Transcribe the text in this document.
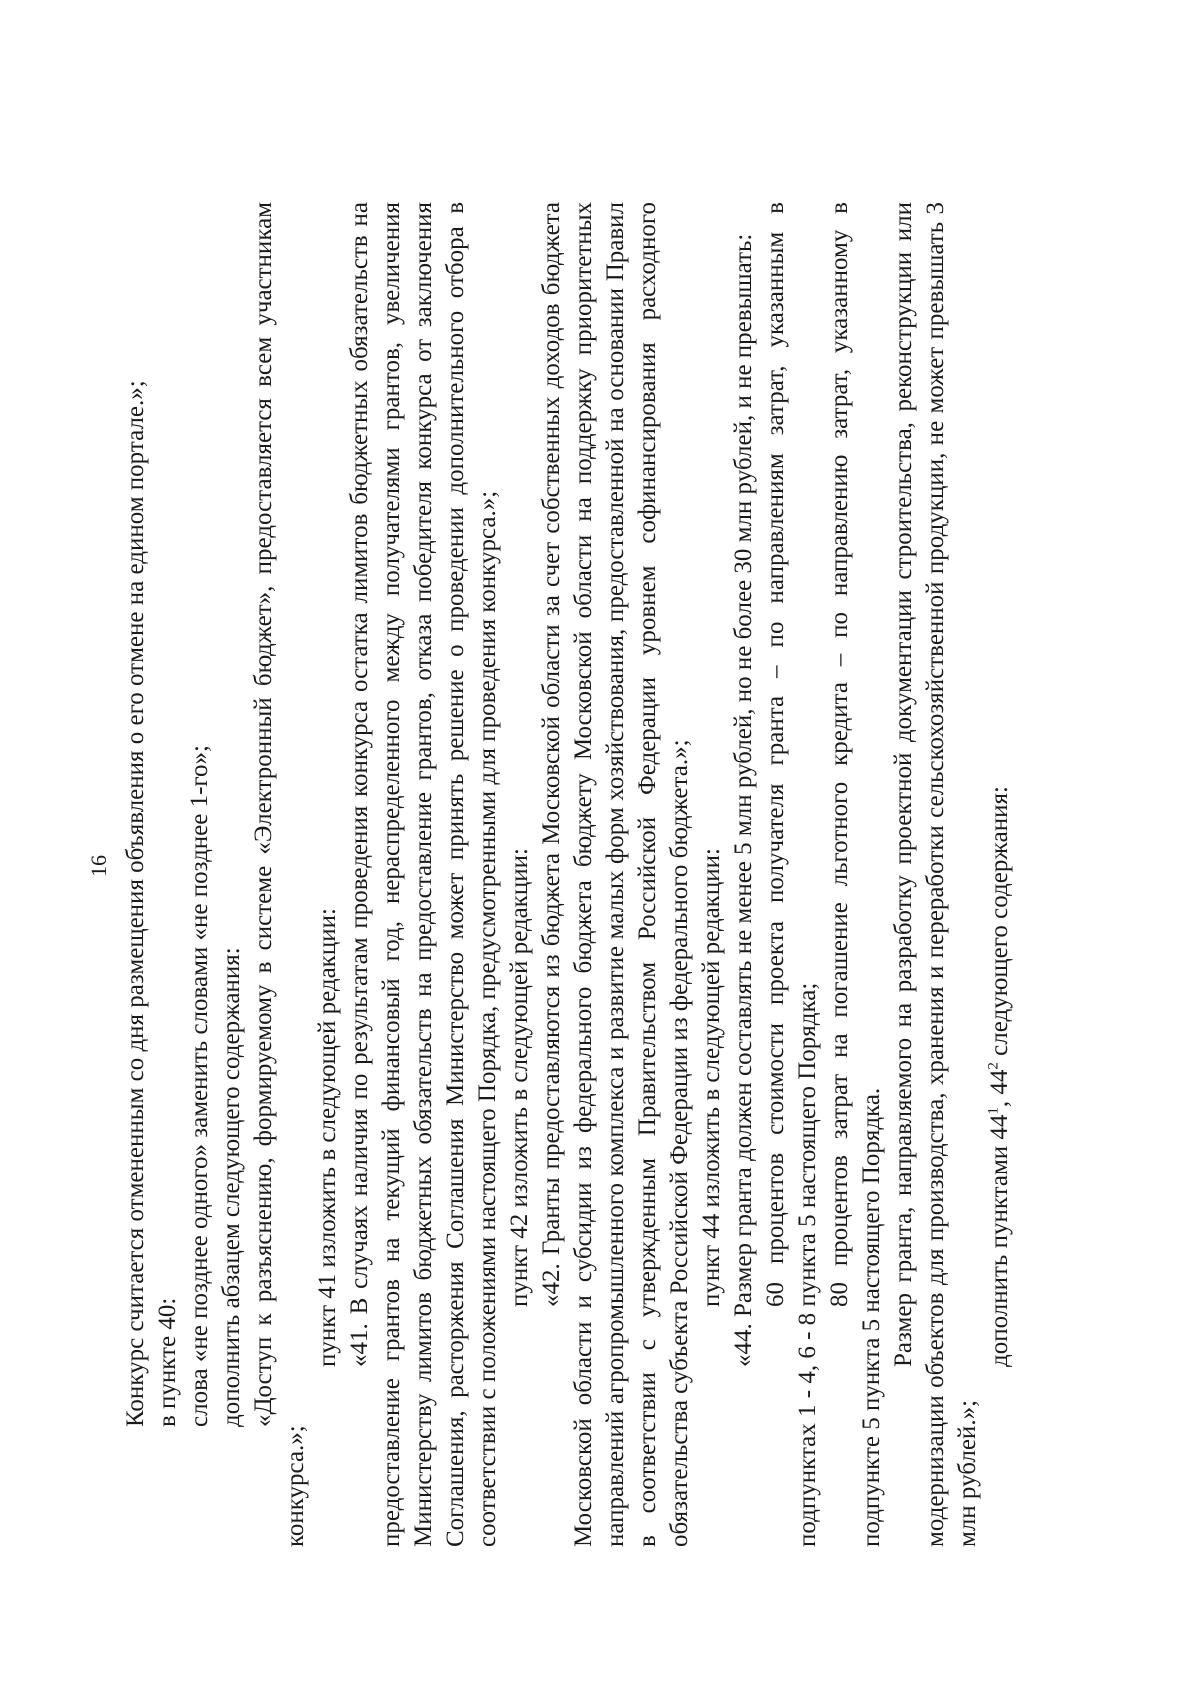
16 Конкурс считается отмененным со дня размещения объявления о его отмене на едином портале.»; в пункте 40: слова «не позднее одного» заменить словами «не позднее 1-го»; дополнить абзацем следующего содержания: «Доступ к разъяснению, формируемому в системе «Электронный бюджет», предоставляется всем участникам конкурса.»;

пункт 41 изложить в следующей редакции: «41. В случаях наличия по результатам проведения конкурса остатка лимитов бюджетных обязательств на предоставление грантов на текущий финансовый год, нераспределенного между получателями грантов, увеличения Министерству лимитов бюджетных обязательств на предоставление грантов, отказа победителя конкурса от заключения Соглашения, расторжения Соглашения Министерство может принять решение о проведении дополнительного отбора в соответствии с положениями настоящего Порядка, предусмотренными для проведения конкурса.»; пункт 42 изложить в следующей редакции: «42. Гранты предоставляются из бюджета Московской области за счет собственных доходов бюджета Московской области и субсидии из федерального бюджета бюджету Московской области на поддержку приоритетных направлений агропромышленного комплекса и развитие малых форм хозяйствования, предоставленной на основании Правил в соответствии с утвержденным Правительством Российской Федерации уровнем софинансирования расходного обязательства субъекта Российской Федерации из федерального бюджета.»; пункт 44 изложить в следующей редакции: «44. Размер гранта должен составлять не менее 5 млн рублей, но не более 30 млн рублей, и не превышать: 60 процентов стоимости проекта получателя гранта – по направлениям затрат, указанным в подпунктах 1 - 4, 6 - 8 пункта 5 настоящего Порядка; 80 процентов затрат на погашение льготного кредита – по направлению затрат, указанному в подпункте 5 пункта 5 настоящего Порядка. Размер гранта, направляемого на разработку проектной документации строительства, реконструкции или модернизации объектов для производства, хранения и переработки сельскохозяйственной продукции, не может превышать 3 млн рублей.»;

дополнить пунктами $44^1$, $44^2$ следующего содержания:
